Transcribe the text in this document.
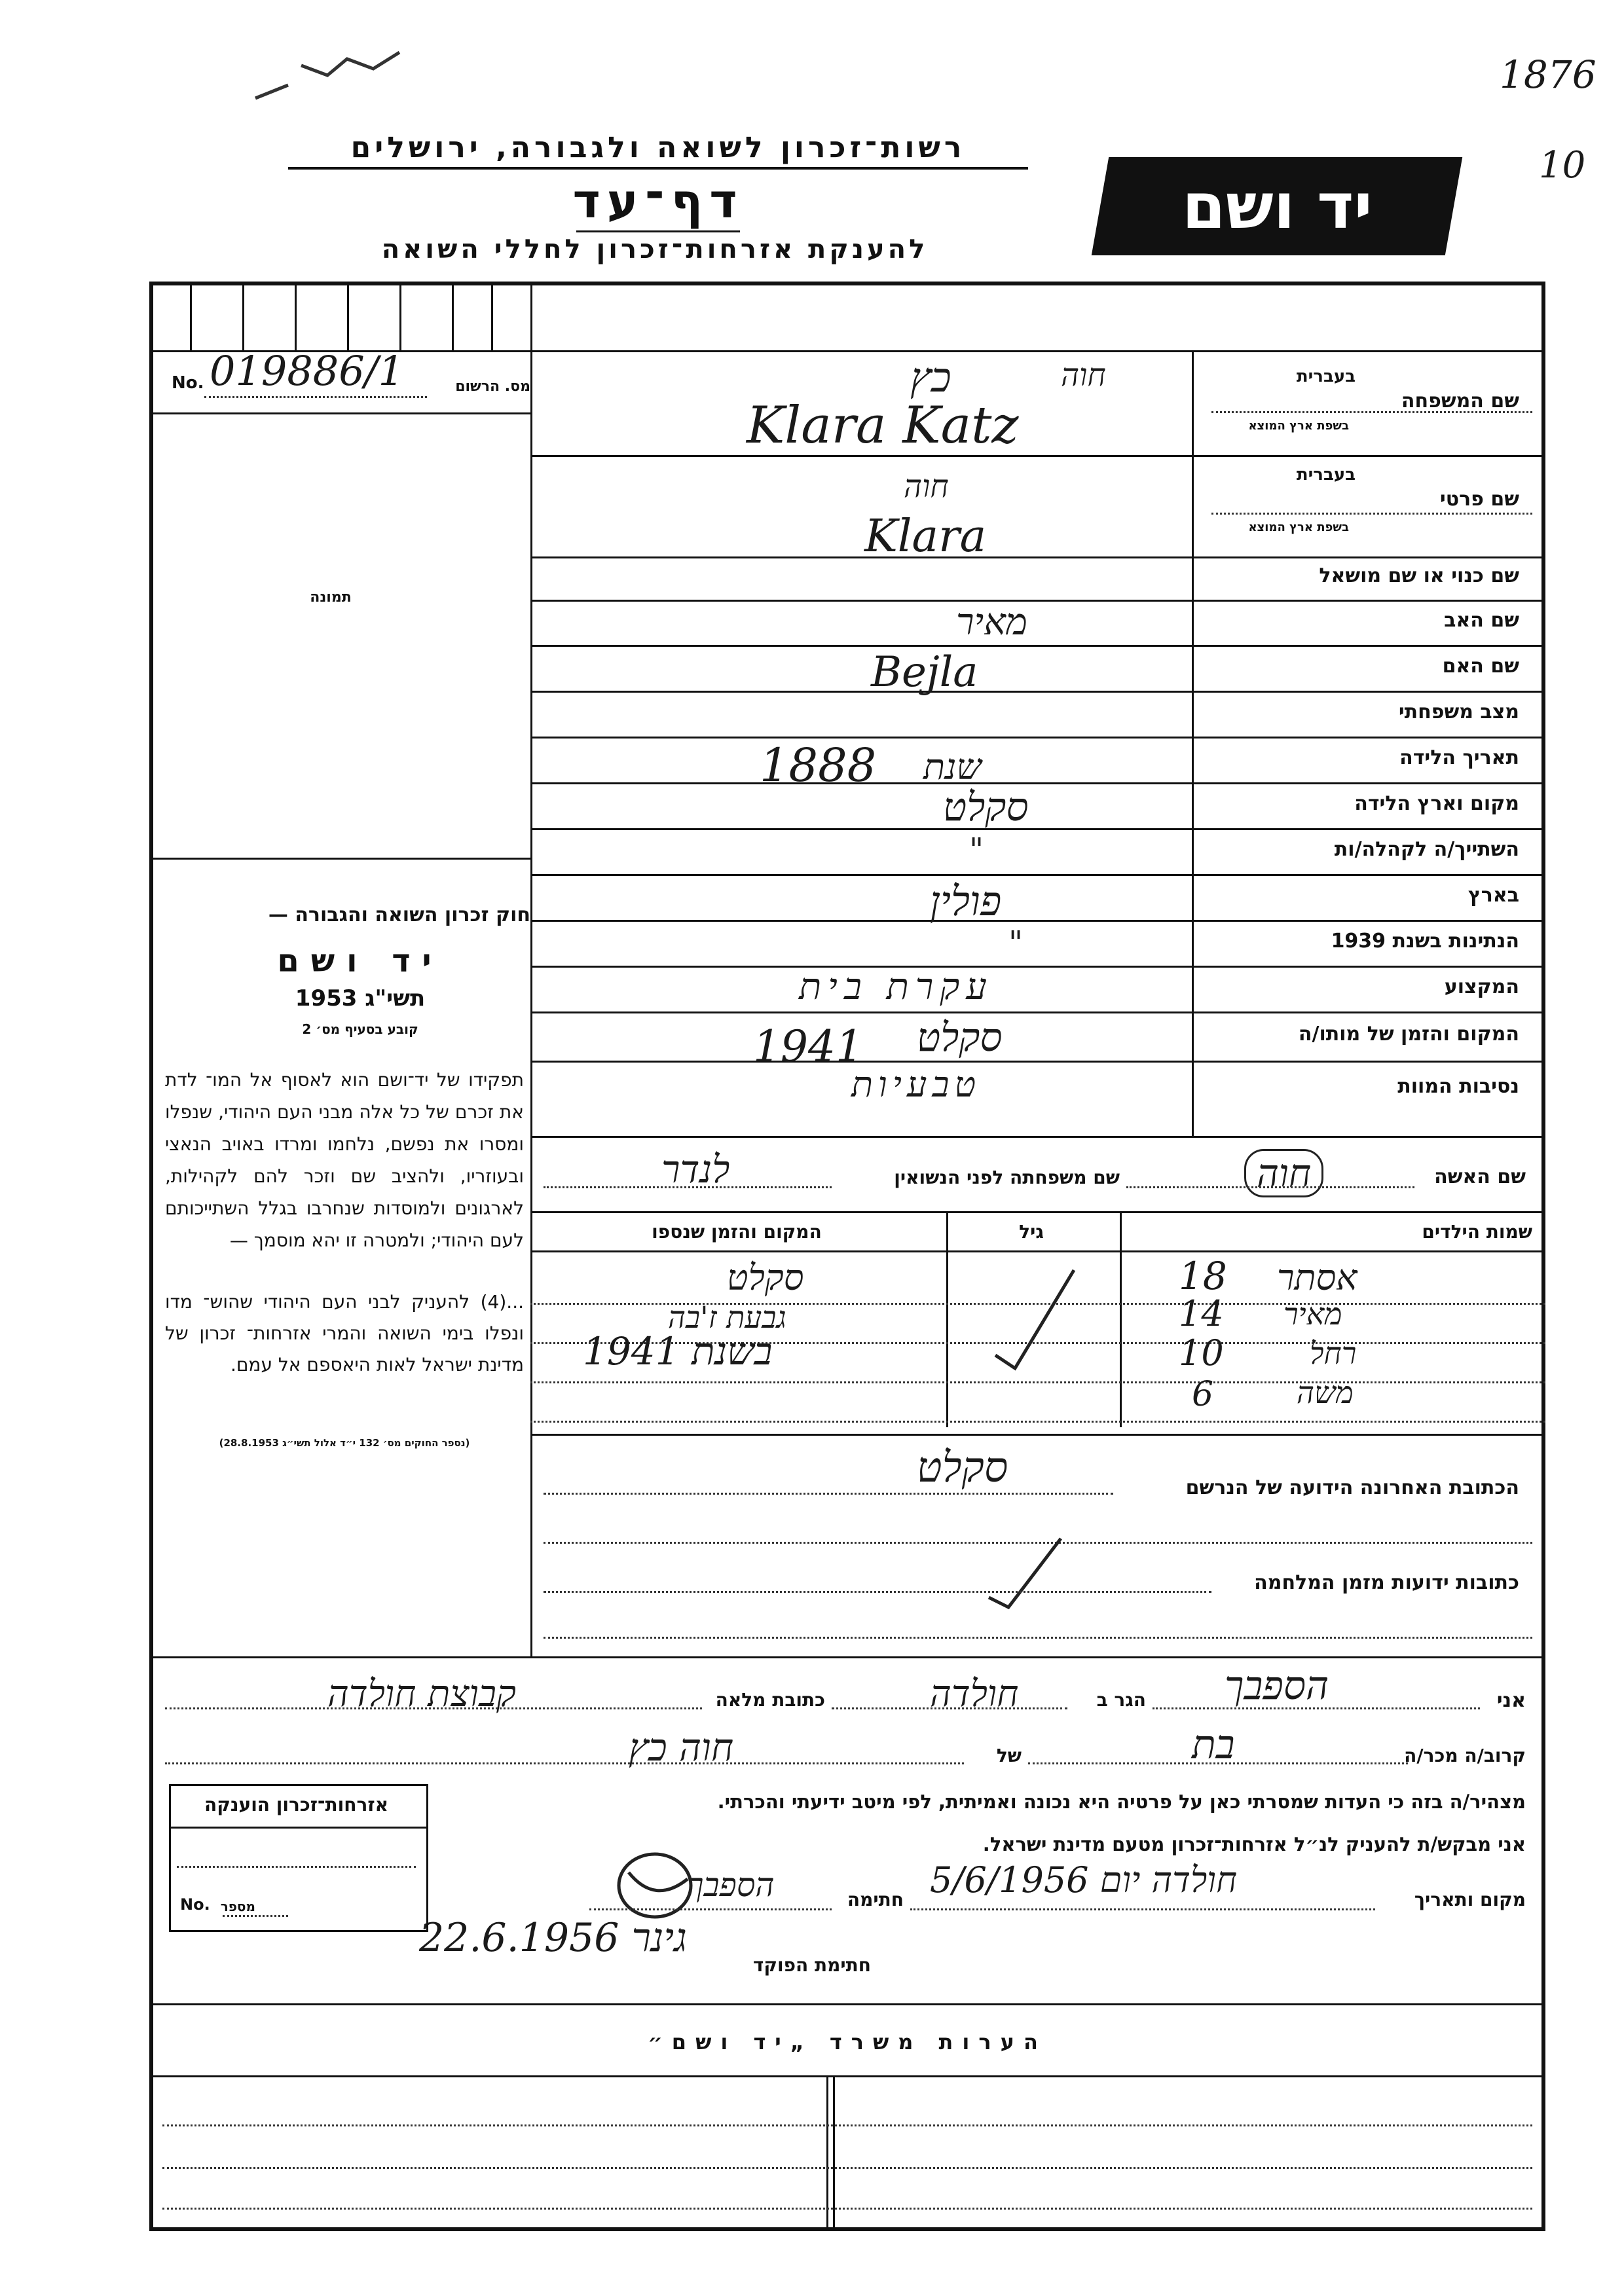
1876
10
רשות־זכרון לשואה ולגבורה, ירושלים
דף־עד
להענקת אזרחות־זכרון לחללי השואה
יד ושם
מס. הרשום
No. 019886/1
תמונה
חוק זכרון השואה והגבורה —
יד ושם
תשי"ג 1953
קובע בסעיף מס׳ 2
תפקידו של יד־ושם הוא לאסוף אל המו־ לדת את זכרם של כל אלה מבני העם היהודי, שנפלו ומסרו את נפשם, נלחמו ומרדו באויב הנאצי ובעוזריו, ולהציב שם וזכר להם לקהילות, לארגונים ולמוסדות שנחרבו בגלל השתייכותם לעם היהודי; ולמטרה זו יהא מוסמך —
...(4) להעניק לבני העם היהודי שהוש־ מדו ונפלו בימי השואה והמרי אזרחות־ זכרון של מדינת ישראל לאות היאספם אל עמם.
(נספר החוקים מס׳ 132 י״ד אלול תשי״ג 28.8.1953)
שם המשפחה
בעברית
בשפת ארץ המוצא
כץ	חוה
Klara Katz
שם פרטי
בעברית
בשפת ארץ המוצא
חוה
Klara
שם כנוי או שם מושאל
שם האב
מאיר
שם האם
Bejla
מצב משפחתי
תאריך הלידה
1888 שנת
מקום וארץ הלידה
סקלט
השתייך/ה לקהלה/ות
"
בארץ
פולין
הנתינות בשנת 1939
"
המקצוע
עקרת בית
המקום והזמן של מותו/ה
סקלט
1941
נסיבות המוות
טבעיות
שם האשה
חוה
שם משפחתה לפני הנשואין
לנדר
שמות הילדים
גיל
המקום והזמן שנספו
אסתר
18
סקלט
מאיר
14
גבעת ז'בה
רחל
10
בשנת 1941
משה
6
הכתובת האחרונה הידועה של הנרשם
סקלט
כתובות ידועות מזמן המלחמה
אני
הספבך
הגר ב
חולדה
כתובת מלאה
קבוצת חולדה
קרוב/ה מכר/ה
בת
של
חוה כץ
מצהיר/ה בזה כי העדות שמסרתי כאן על פרטיה היא נכונה ואמיתית, לפי מיטב ידיעתי והכרתי.
אני מבקש/ת להעניק לנ״ל אזרחות־זכרון מטעם מדינת ישראל.
מקום ותאריך
חולדה יום 5/6/1956
חתימה
הספבך
חתימת הפוקד
גינר 22.6.1956
אזרחות־זכרון הוענקה
No. מספר
הערות משרד „יד ושם״
